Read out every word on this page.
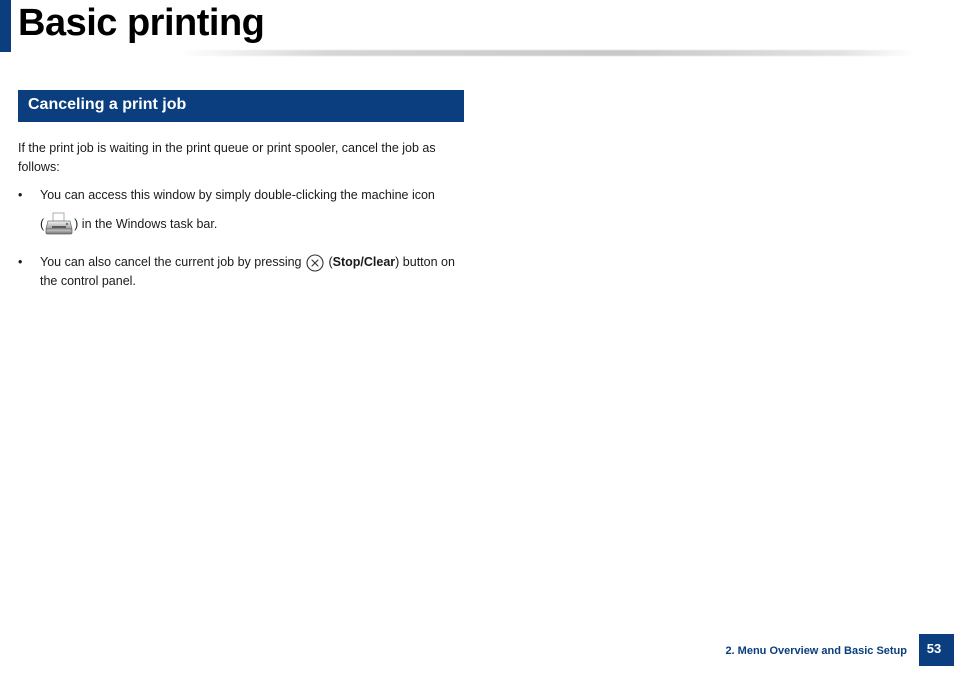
Basic printing
Canceling a print job

If the print job is waiting in the print queue or print spooler, cancel the job as follows:

•	You can access this window by simply double-clicking the machine icon
( ) in the Windows task bar.
•	You can also cancel the current job by pressing (Stop/Clear) button on the control panel.
2. Menu Overview and Basic Setup	53
